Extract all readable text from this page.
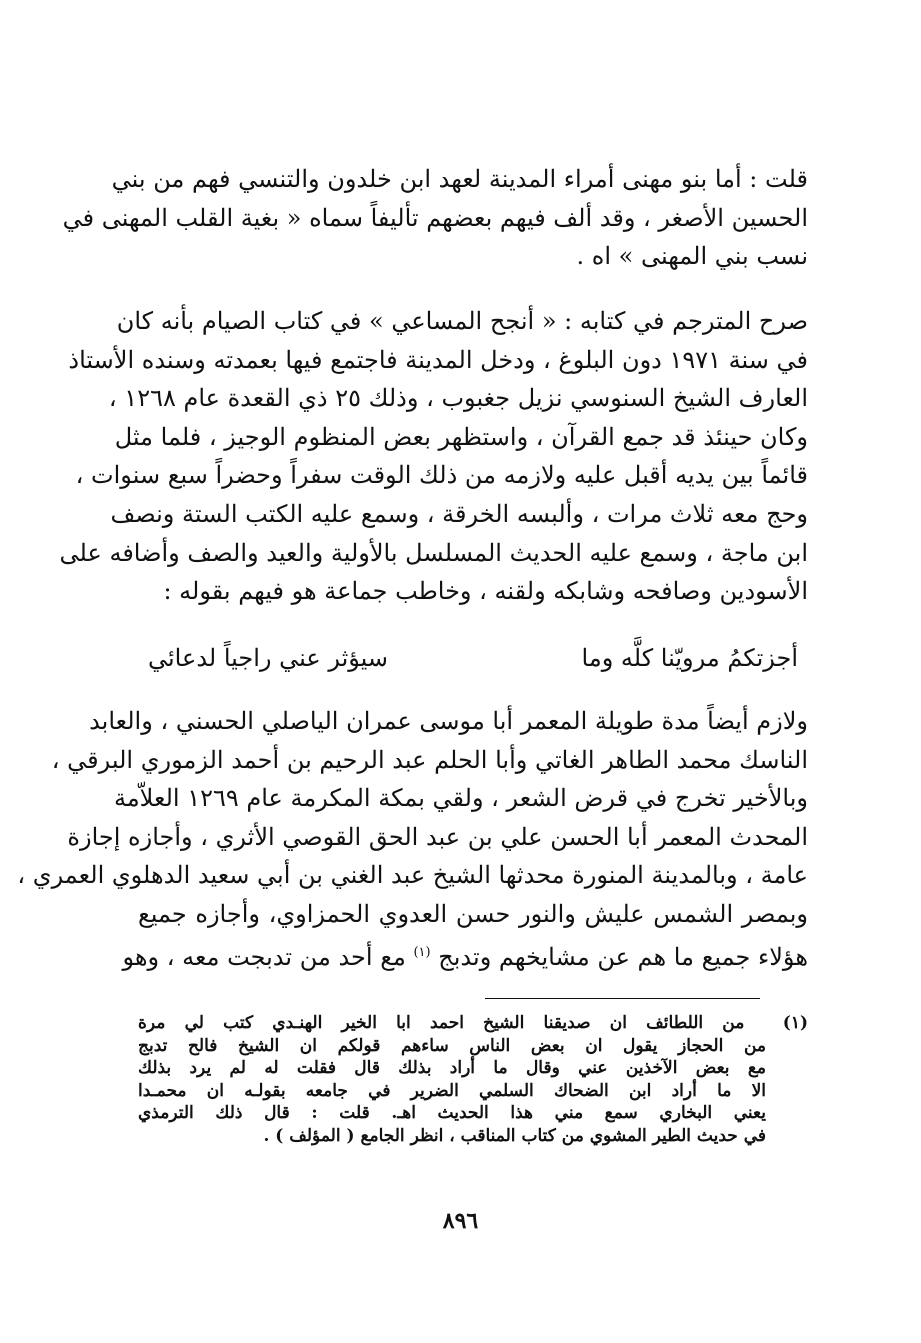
قلت : أما بنو مهنى أمراء المدينة لعهد ابن خلدون والتنسي فهم من بني
الحسين الأصغر ، وقد ألف فيهم بعضهم تأليفاً سماه « بغية القلب المهنى في
نسب بني المهنى » اه .
صرح المترجم في كتابه : « أنجح المساعي » في كتاب الصيام بأنه كان
في سنة ١٩٧١ دون البلوغ ، ودخل المدينة فاجتمع فيها بعمدته وسنده الأستاذ
العارف الشيخ السنوسي نزيل جغبوب ، وذلك ٢٥ ذي القعدة عام ١٢٦٨ ،
وكان حينئذ قد جمع القرآن ، واستظهر بعض المنظوم الوجيز ، فلما مثل
قائماً بين يديه أقبل عليه ولازمه من ذلك الوقت سفراً وحضراً سبع سنوات ،
وحج معه ثلاث مرات ، وألبسه الخرقة ، وسمع عليه الكتب الستة ونصف
ابن ماجة ، وسمع عليه الحديث المسلسل بالأولية والعيد والصف وأضافه على
الأسودين وصافحه وشابكه ولقنه ، وخاطب جماعة هو فيهم بقوله :
أجزتكمُ مرويّنا كلَّه وما
سيؤثر عني راجياً لدعائي
ولازم أيضاً مدة طويلة المعمر أبا موسى عمران الياصلي الحسني ، والعابد
الناسك محمد الطاهر الغاتي وأبا الحلم عبد الرحيم بن أحمد الزموري البرقي ،
وبالأخير تخرج في قرض الشعر ، ولقي بمكة المكرمة عام ١٢٦٩ العلاّمة
المحدث المعمر أبا الحسن علي بن عبد الحق القوصي الأثري ، وأجازه إجازة
عامة ، وبالمدينة المنورة محدثها الشيخ عبد الغني بن أبي سعيد الدهلوي العمري ،
وبمصر الشمس عليش والنور حسن العدوي الحمزاوي، وأجازه جميع
هؤلاء جميع ما هم عن مشايخهم وتدبج $^{(١)}$ مع أحد من تدبجت معه ، وهو
(١)  من اللطائف ان صديقنا الشيخ احمد ابا الخير الهنـدي كتب لي مرة
من الحجاز يقول ان بعض الناس ساءهم قولكم ان الشيخ فالح تدبج
مع بعض الآخذين عني وقال ما أراد بذلك قال فقلت له لم يرد بذلك
الا ما أراد ابن الضحاك السلمي الضرير في جامعه بقولـه ان محمـدا
يعني البخاري سمع مني هذا الحديث اهـ. قلت : قال ذلك الترمذي
في حديث الطير المشوي من كتاب المناقب ، انظر الجامع ( المؤلف ) .
٨٩٦
